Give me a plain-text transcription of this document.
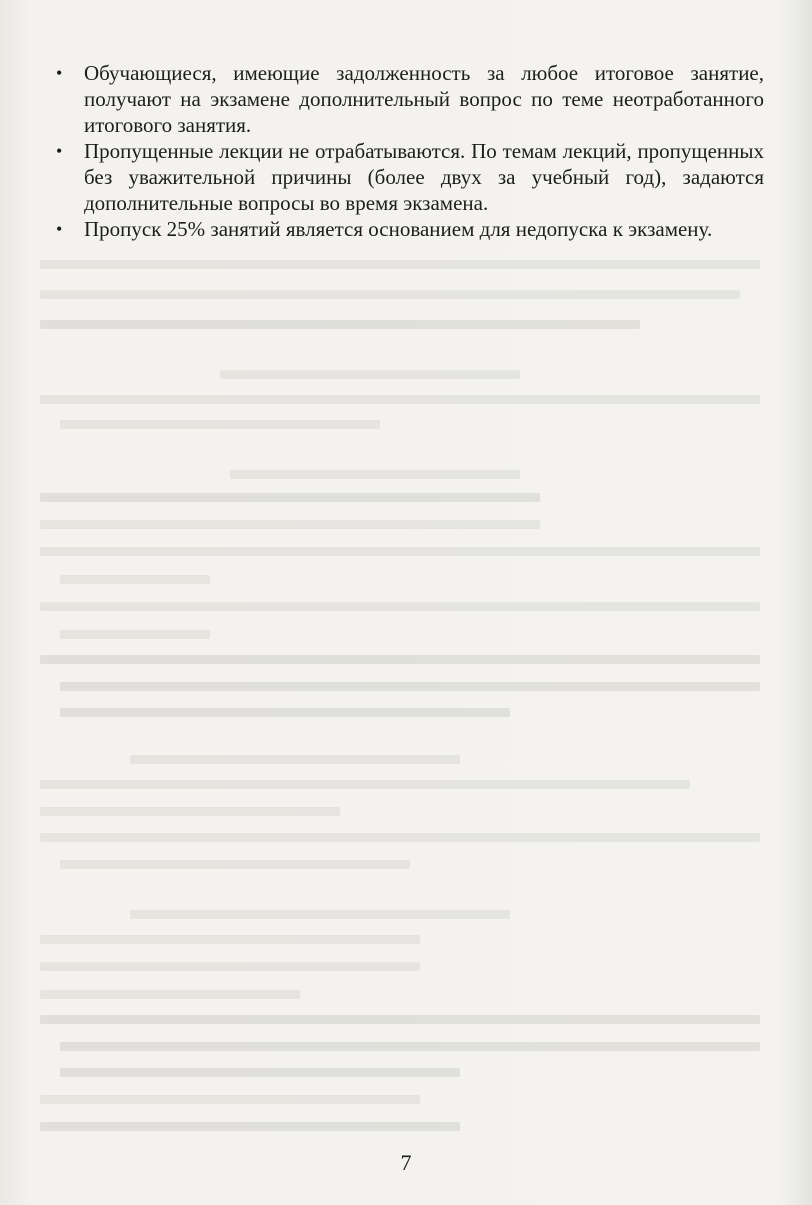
• Обучающиеся, имеющие задолженность за любое итоговое занятие, получают на экзамене дополнительный вопрос по теме неотработанного итогового занятия.
• Пропущенные лекции не отрабатываются. По темам лекций, пропущенных без уважительной причины (более двух за учебный год), задаются дополнительные вопросы во время экзамена.
• Пропуск 25% занятий является основанием для недопуска к экзамену.
7
